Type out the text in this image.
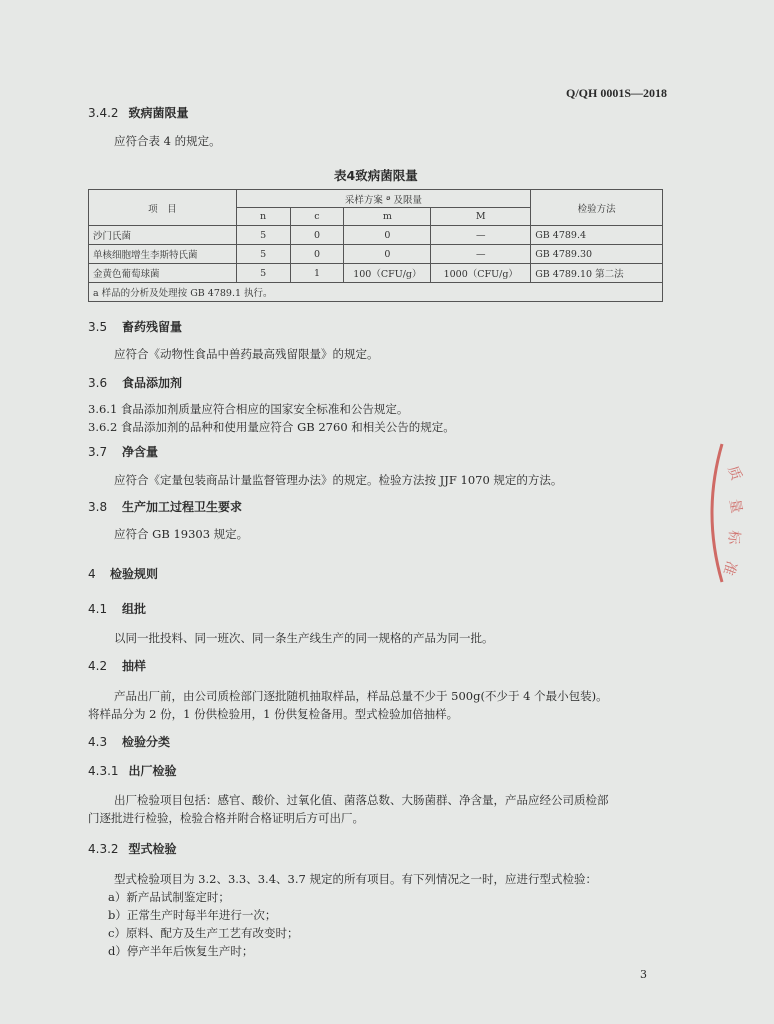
Q/QH 0001S—2018
3.4.2 致病菌限量
应符合表 4 的规定。
表4致病菌限量
项　目	采样方案 ª 及限量				检验方法
	n	c	m	M	
沙门氏菌	5	0	0	—	GB 4789.4
单核细胞增生李斯特氏菌	5	0	0	—	GB 4789.30
金黄色葡萄球菌	5	1	100（CFU/g）	1000（CFU/g）	GB 4789.10 第二法
a 样品的分析及处理按 GB 4789.1 执行。					
3.5 畜药残留量
应符合《动物性食品中兽药最高残留限量》的规定。
3.6 食品添加剂
3.6.1 食品添加剂质量应符合相应的国家安全标准和公告规定。
3.6.2 食品添加剂的品种和使用量应符合 GB 2760 和相关公告的规定。
3.7 净含量
应符合《定量包装商品计量监督管理办法》的规定。检验方法按 JJF 1070 规定的方法。
3.8 生产加工过程卫生要求
应符合 GB 19303 规定。
4 检验规则
4.1 组批
以同一批投料、同一班次、同一条生产线生产的同一规格的产品为同一批。
4.2 抽样
产品出厂前，由公司质检部门逐批随机抽取样品，样品总量不少于 500g(不少于 4 个最小包装)。
将样品分为 2 份，1 份供检验用，1 份供复检备用。型式检验加倍抽样。
4.3 检验分类
4.3.1 出厂检验
出厂检验项目包括：感官、酸价、过氧化值、菌落总数、大肠菌群、净含量，产品应经公司质检部
门逐批进行检验，检验合格并附合格证明后方可出厂。
4.3.2 型式检验
型式检验项目为 3.2、3.3、3.4、3.7 规定的所有项目。有下列情况之一时，应进行型式检验：
a）新产品试制鉴定时；
b）正常生产时每半年进行一次；
c）原料、配方及生产工艺有改变时；
d）停产半年后恢复生产时；
质
量
标
准
3
